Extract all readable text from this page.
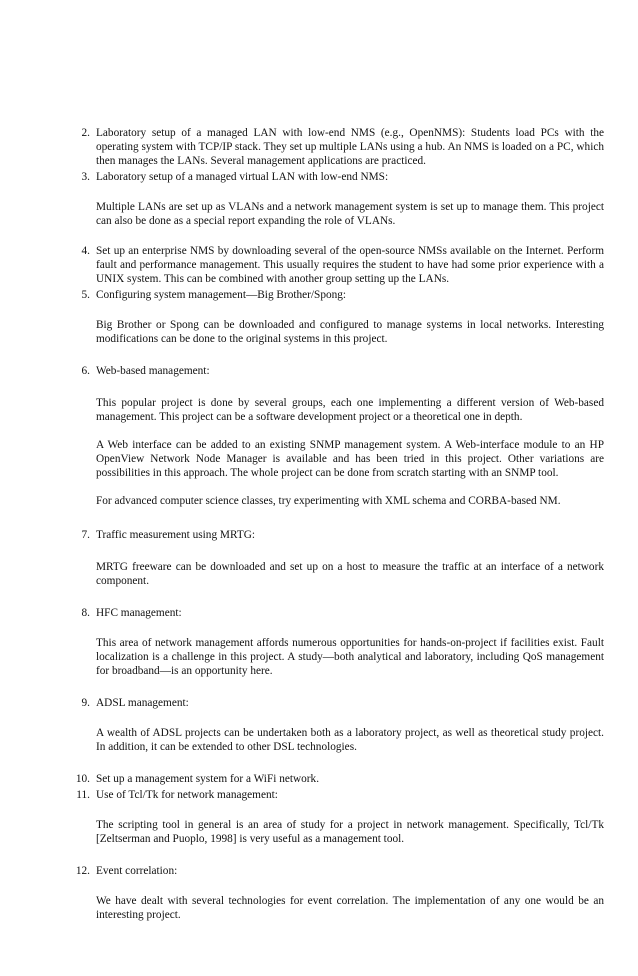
2. Laboratory setup of a managed LAN with low-end NMS (e.g., OpenNMS): Students load PCs with the operating system with TCP/IP stack. They set up multiple LANs using a hub. An NMS is loaded on a PC, which then manages the LANs. Several management applications are practiced.
3. Laboratory setup of a managed virtual LAN with low-end NMS:
Multiple LANs are set up as VLANs and a network management system is set up to manage them. This project can also be done as a special report expanding the role of VLANs.
4. Set up an enterprise NMS by downloading several of the open-source NMSs available on the Internet. Perform fault and performance management. This usually requires the student to have had some prior experience with a UNIX system. This can be combined with another group setting up the LANs.
5. Configuring system management—Big Brother/Spong:
Big Brother or Spong can be downloaded and configured to manage systems in local networks. Interesting modifications can be done to the original systems in this project.
6. Web-based management:
This popular project is done by several groups, each one implementing a different version of Web-based management. This project can be a software development project or a theoretical one in depth.
A Web interface can be added to an existing SNMP management system. A Web-interface module to an HP OpenView Network Node Manager is available and has been tried in this project. Other variations are possibilities in this approach. The whole project can be done from scratch starting with an SNMP tool.
For advanced computer science classes, try experimenting with XML schema and CORBA-based NM.
7. Traffic measurement using MRTG:
MRTG freeware can be downloaded and set up on a host to measure the traffic at an interface of a network component.
8. HFC management:
This area of network management affords numerous opportunities for hands-on-project if facilities exist. Fault localization is a challenge in this project. A study—both analytical and laboratory, including QoS management for broadband—is an opportunity here.
9. ADSL management:
A wealth of ADSL projects can be undertaken both as a laboratory project, as well as theoretical study project. In addition, it can be extended to other DSL technologies.
10. Set up a management system for a WiFi network.
11. Use of Tcl/Tk for network management:
The scripting tool in general is an area of study for a project in network management. Specifically, Tcl/Tk [Zeltserman and Puoplo, 1998] is very useful as a management tool.
12. Event correlation:
We have dealt with several technologies for event correlation. The implementation of any one would be an interesting project.
